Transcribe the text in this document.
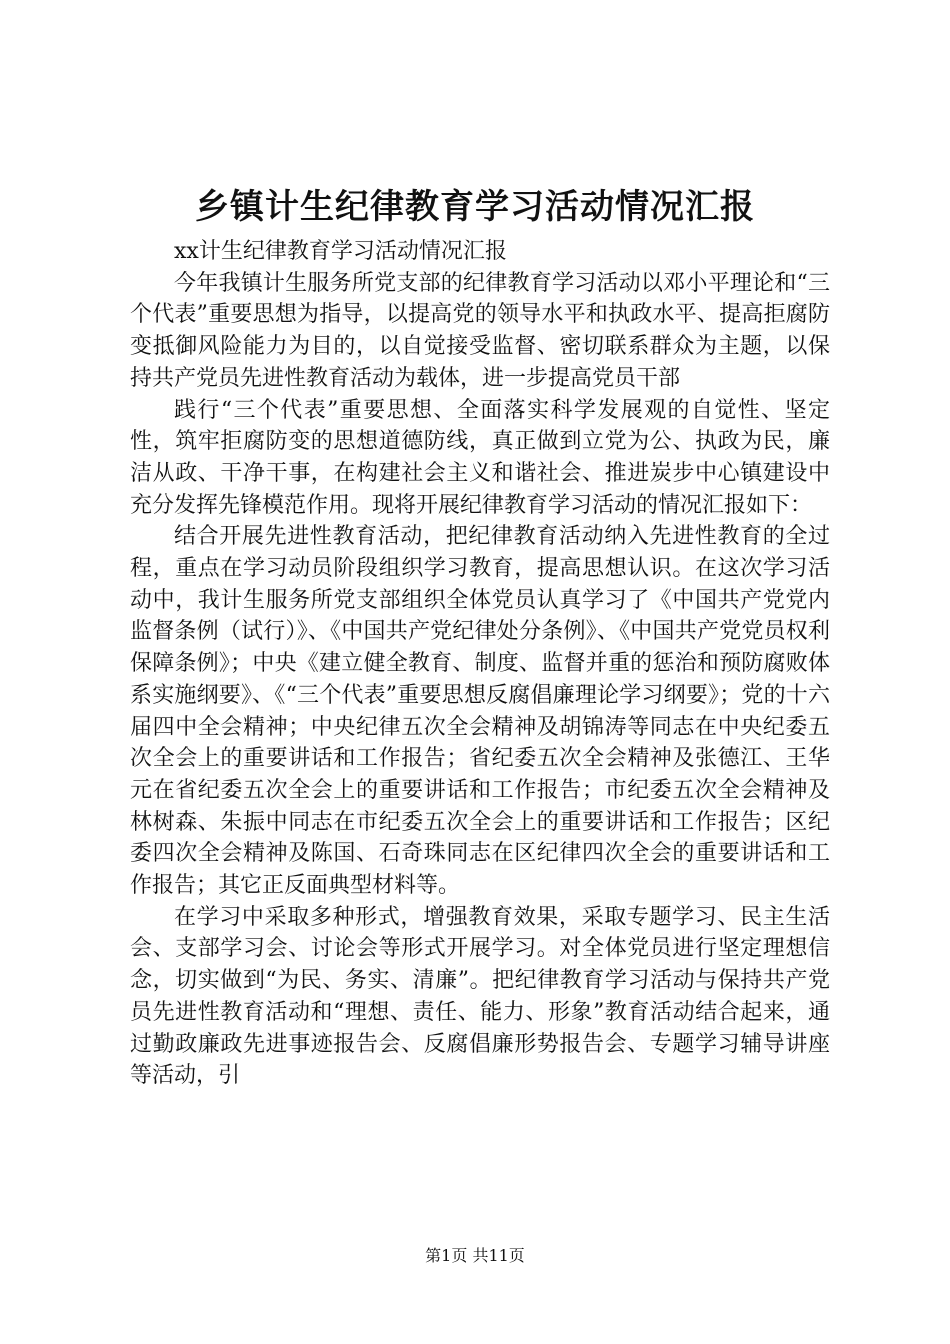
乡镇计生纪律教育学习活动情况汇报

xx计生纪律教育学习活动情况汇报

今年我镇计生服务所党支部的纪律教育学习活动以邓小平理论和“三个代表”重要思想为指导，以提高党的领导水平和执政水平、提高拒腐防变抵御风险能力为目的，以自觉接受监督、密切联系群众为主题，以保持共产党员先进性教育活动为载体，进一步提高党员干部

践行“三个代表”重要思想、全面落实科学发展观的自觉性、坚定性，筑牢拒腐防变的思想道德防线，真正做到立党为公、执政为民，廉洁从政、干净干事，在构建社会主义和谐社会、推进炭步中心镇建设中充分发挥先锋模范作用。现将开展纪律教育学习活动的情况汇报如下：

结合开展先进性教育活动，把纪律教育活动纳入先进性教育的全过程，重点在学习动员阶段组织学习教育，提高思想认识。在这次学习活动中，我计生服务所党支部组织全体党员认真学习了《中国共产党党内监督条例（试行）》、《中国共产党纪律处分条例》、《中国共产党党员权利保障条例》；中央《建立健全教育、制度、监督并重的惩治和预防腐败体系实施纲要》、《“三个代表”重要思想反腐倡廉理论学习纲要》；党的十六届四中全会精神；中央纪律五次全会精神及胡锦涛等同志在中央纪委五次全会上的重要讲话和工作报告；省纪委五次全会精神及张德江、王华元在省纪委五次全会上的重要讲话和工作报告；市纪委五次全会精神及林树森、朱振中同志在市纪委五次全会上的重要讲话和工作报告；区纪委四次全会精神及陈国、石奇珠同志在区纪律四次全会的重要讲话和工作报告；其它正反面典型材料等。

在学习中采取多种形式，增强教育效果，采取专题学习、民主生活会、支部学习会、讨论会等形式开展学习。对全体党员进行坚定理想信念，切实做到“为民、务实、清廉”。把纪律教育学习活动与保持共产党员先进性教育活动和“理想、责任、能力、形象”教育活动结合起来，通过勤政廉政先进事迹报告会、反腐倡廉形势报告会、专题学习辅导讲座等活动，引

第1页 共11页
